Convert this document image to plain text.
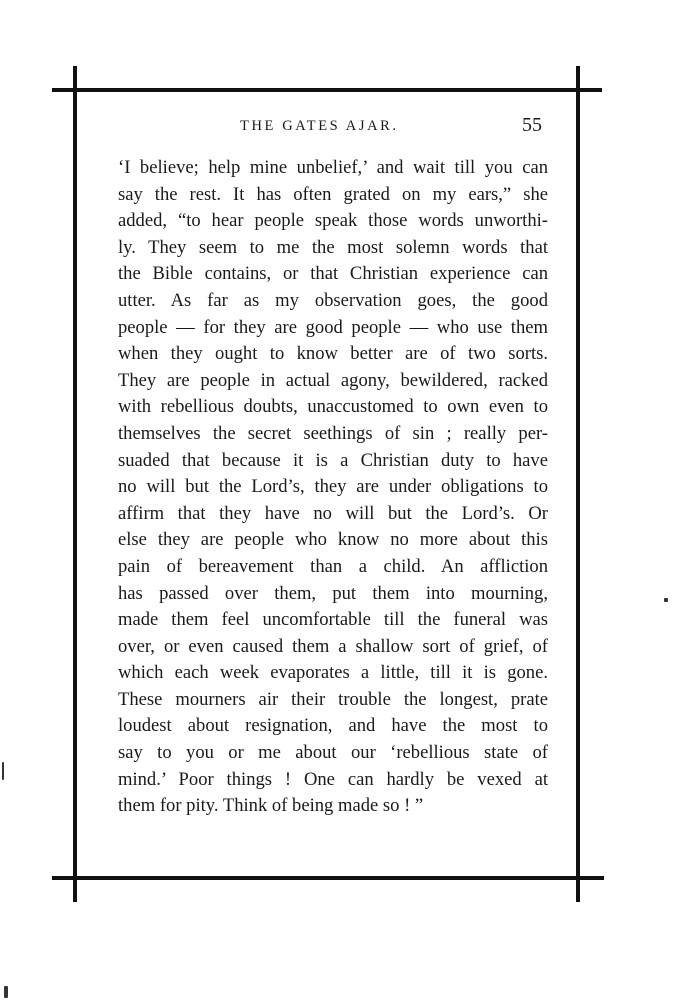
THE GATES AJAR.	55
‘I believe; help mine unbelief,’ and wait till you can
say the rest. It has often grated on my ears,” she
added, “to hear people speak those words unworthi-
ly. They seem to me the most solemn words that
the Bible contains, or that Christian experience can
utter. As far as my observation goes, the good
people — for they are good people — who use them
when they ought to know better are of two sorts.
They are people in actual agony, bewildered, racked
with rebellious doubts, unaccustomed to own even to
themselves the secret seethings of sin ; really per-
suaded that because it is a Christian duty to have
no will but the Lord’s, they are under obligations to
affirm that they have no will but the Lord’s. Or
else they are people who know no more about this
pain of bereavement than a child. An affliction
has passed over them, put them into mourning,
made them feel uncomfortable till the funeral was
over, or even caused them a shallow sort of grief, of
which each week evaporates a little, till it is gone.
These mourners air their trouble the longest, prate
loudest about resignation, and have the most to
say to you or me about our ‘rebellious state of
mind.’ Poor things ! One can hardly be vexed at
them for pity. Think of being made so ! ”
